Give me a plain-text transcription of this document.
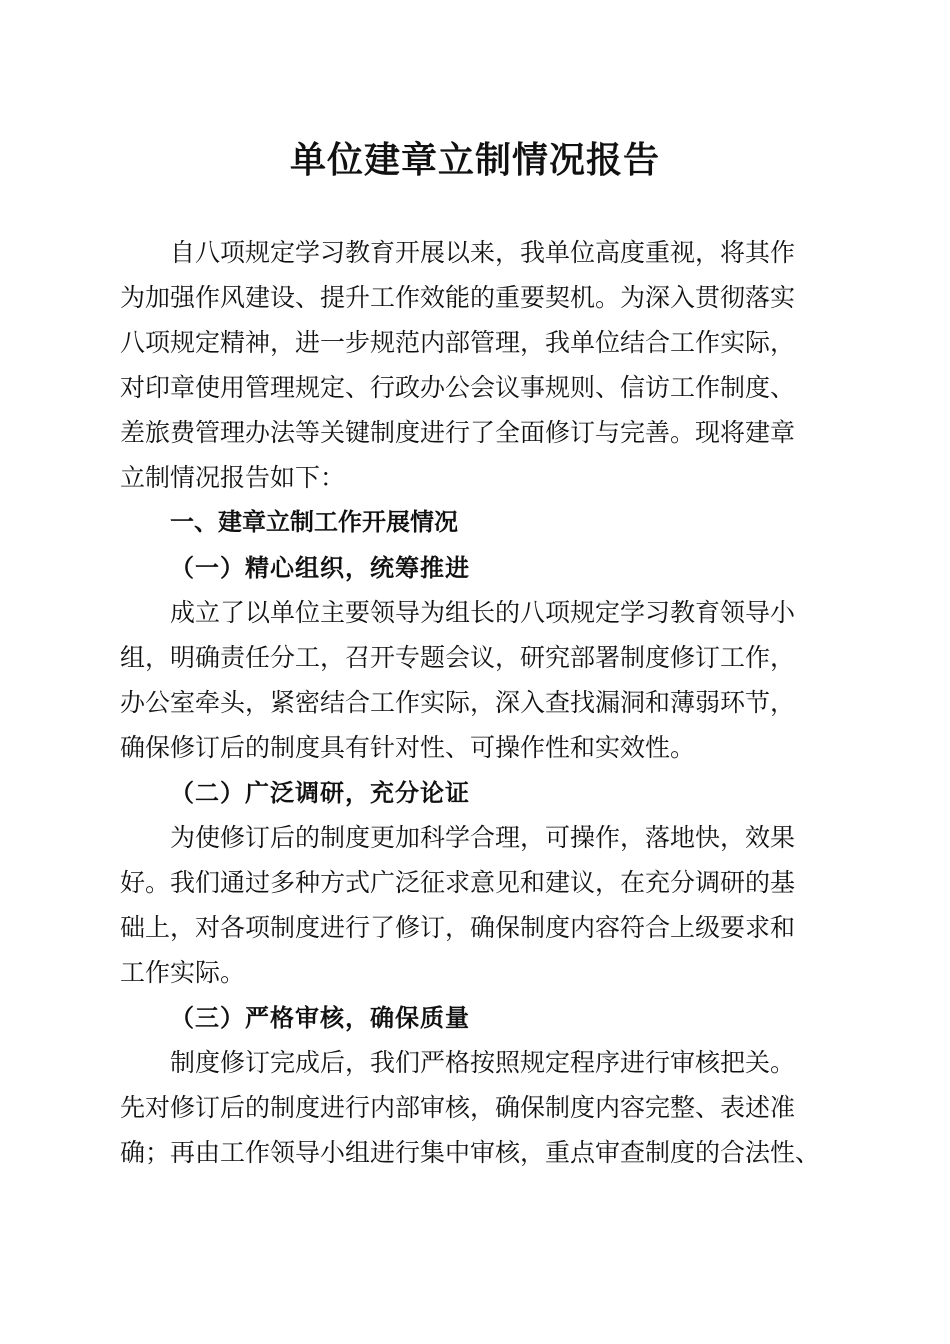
单位建章立制情况报告
自八项规定学习教育开展以来，我单位高度重视，将其作
为加强作风建设、提升工作效能的重要契机。为深入贯彻落实
八项规定精神，进一步规范内部管理，我单位结合工作实际，
对印章使用管理规定、行政办公会议事规则、信访工作制度、
差旅费管理办法等关键制度进行了全面修订与完善。现将建章
立制情况报告如下：
一、建章立制工作开展情况
（一）精心组织，统筹推进
成立了以单位主要领导为组长的八项规定学习教育领导小
组，明确责任分工，召开专题会议，研究部署制度修订工作，
办公室牵头，紧密结合工作实际，深入查找漏洞和薄弱环节，
确保修订后的制度具有针对性、可操作性和实效性。
（二）广泛调研，充分论证
为使修订后的制度更加科学合理，可操作，落地快，效果
好。我们通过多种方式广泛征求意见和建议，在充分调研的基
础上，对各项制度进行了修订，确保制度内容符合上级要求和
工作实际。
（三）严格审核，确保质量
制度修订完成后，我们严格按照规定程序进行审核把关。
先对修订后的制度进行内部审核，确保制度内容完整、表述准
确；再由工作领导小组进行集中审核，重点审查制度的合法性、
